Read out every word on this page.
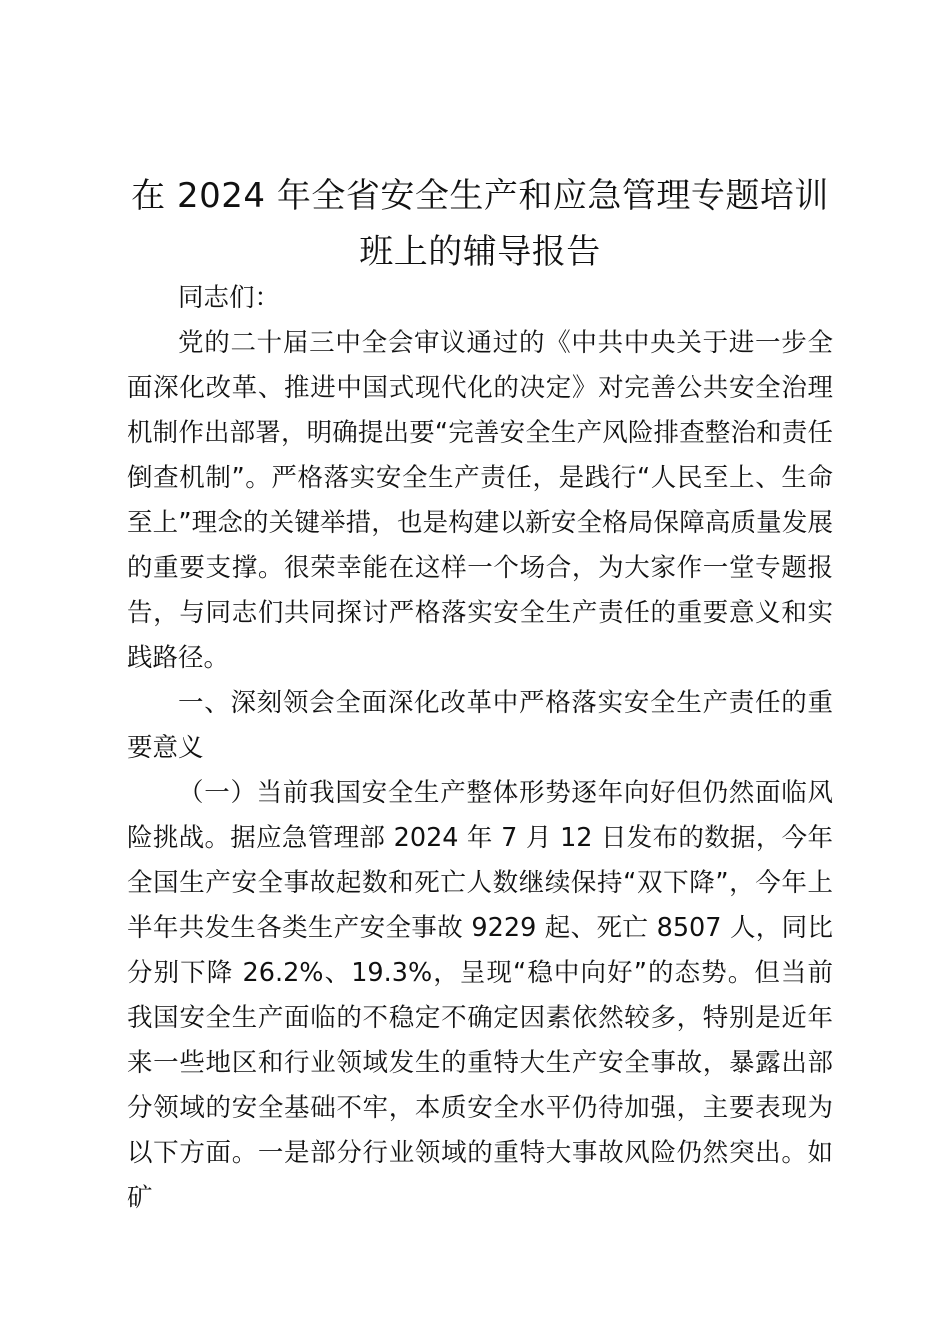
在 2024 年全省安全生产和应急管理专题培训
班上的辅导报告

同志们：

党的二十届三中全会审议通过的《中共中央关于进一步全面深化改革、推进中国式现代化的决定》对完善公共安全治理机制作出部署，明确提出要“完善安全生产风险排查整治和责任倒查机制”。严格落实安全生产责任，是践行“人民至上、生命至上”理念的关键举措，也是构建以新安全格局保障高质量发展的重要支撑。很荣幸能在这样一个场合，为大家作一堂专题报告，与同志们共同探讨严格落实安全生产责任的重要意义和实践路径。

一、深刻领会全面深化改革中严格落实安全生产责任的重要意义

（一）当前我国安全生产整体形势逐年向好但仍然面临风险挑战。据应急管理部 2024 年 7 月 12 日发布的数据，今年全国生产安全事故起数和死亡人数继续保持“双下降”，今年上半年共发生各类生产安全事故 9229 起、死亡 8507 人，同比分别下降 26.2%、19.3%，呈现“稳中向好”的态势。但当前我国安全生产面临的不稳定不确定因素依然较多，特别是近年来一些地区和行业领域发生的重特大生产安全事故，暴露出部分领域的安全基础不牢，本质安全水平仍待加强，主要表现为以下方面。一是部分行业领域的重特大事故风险仍然突出。如矿
